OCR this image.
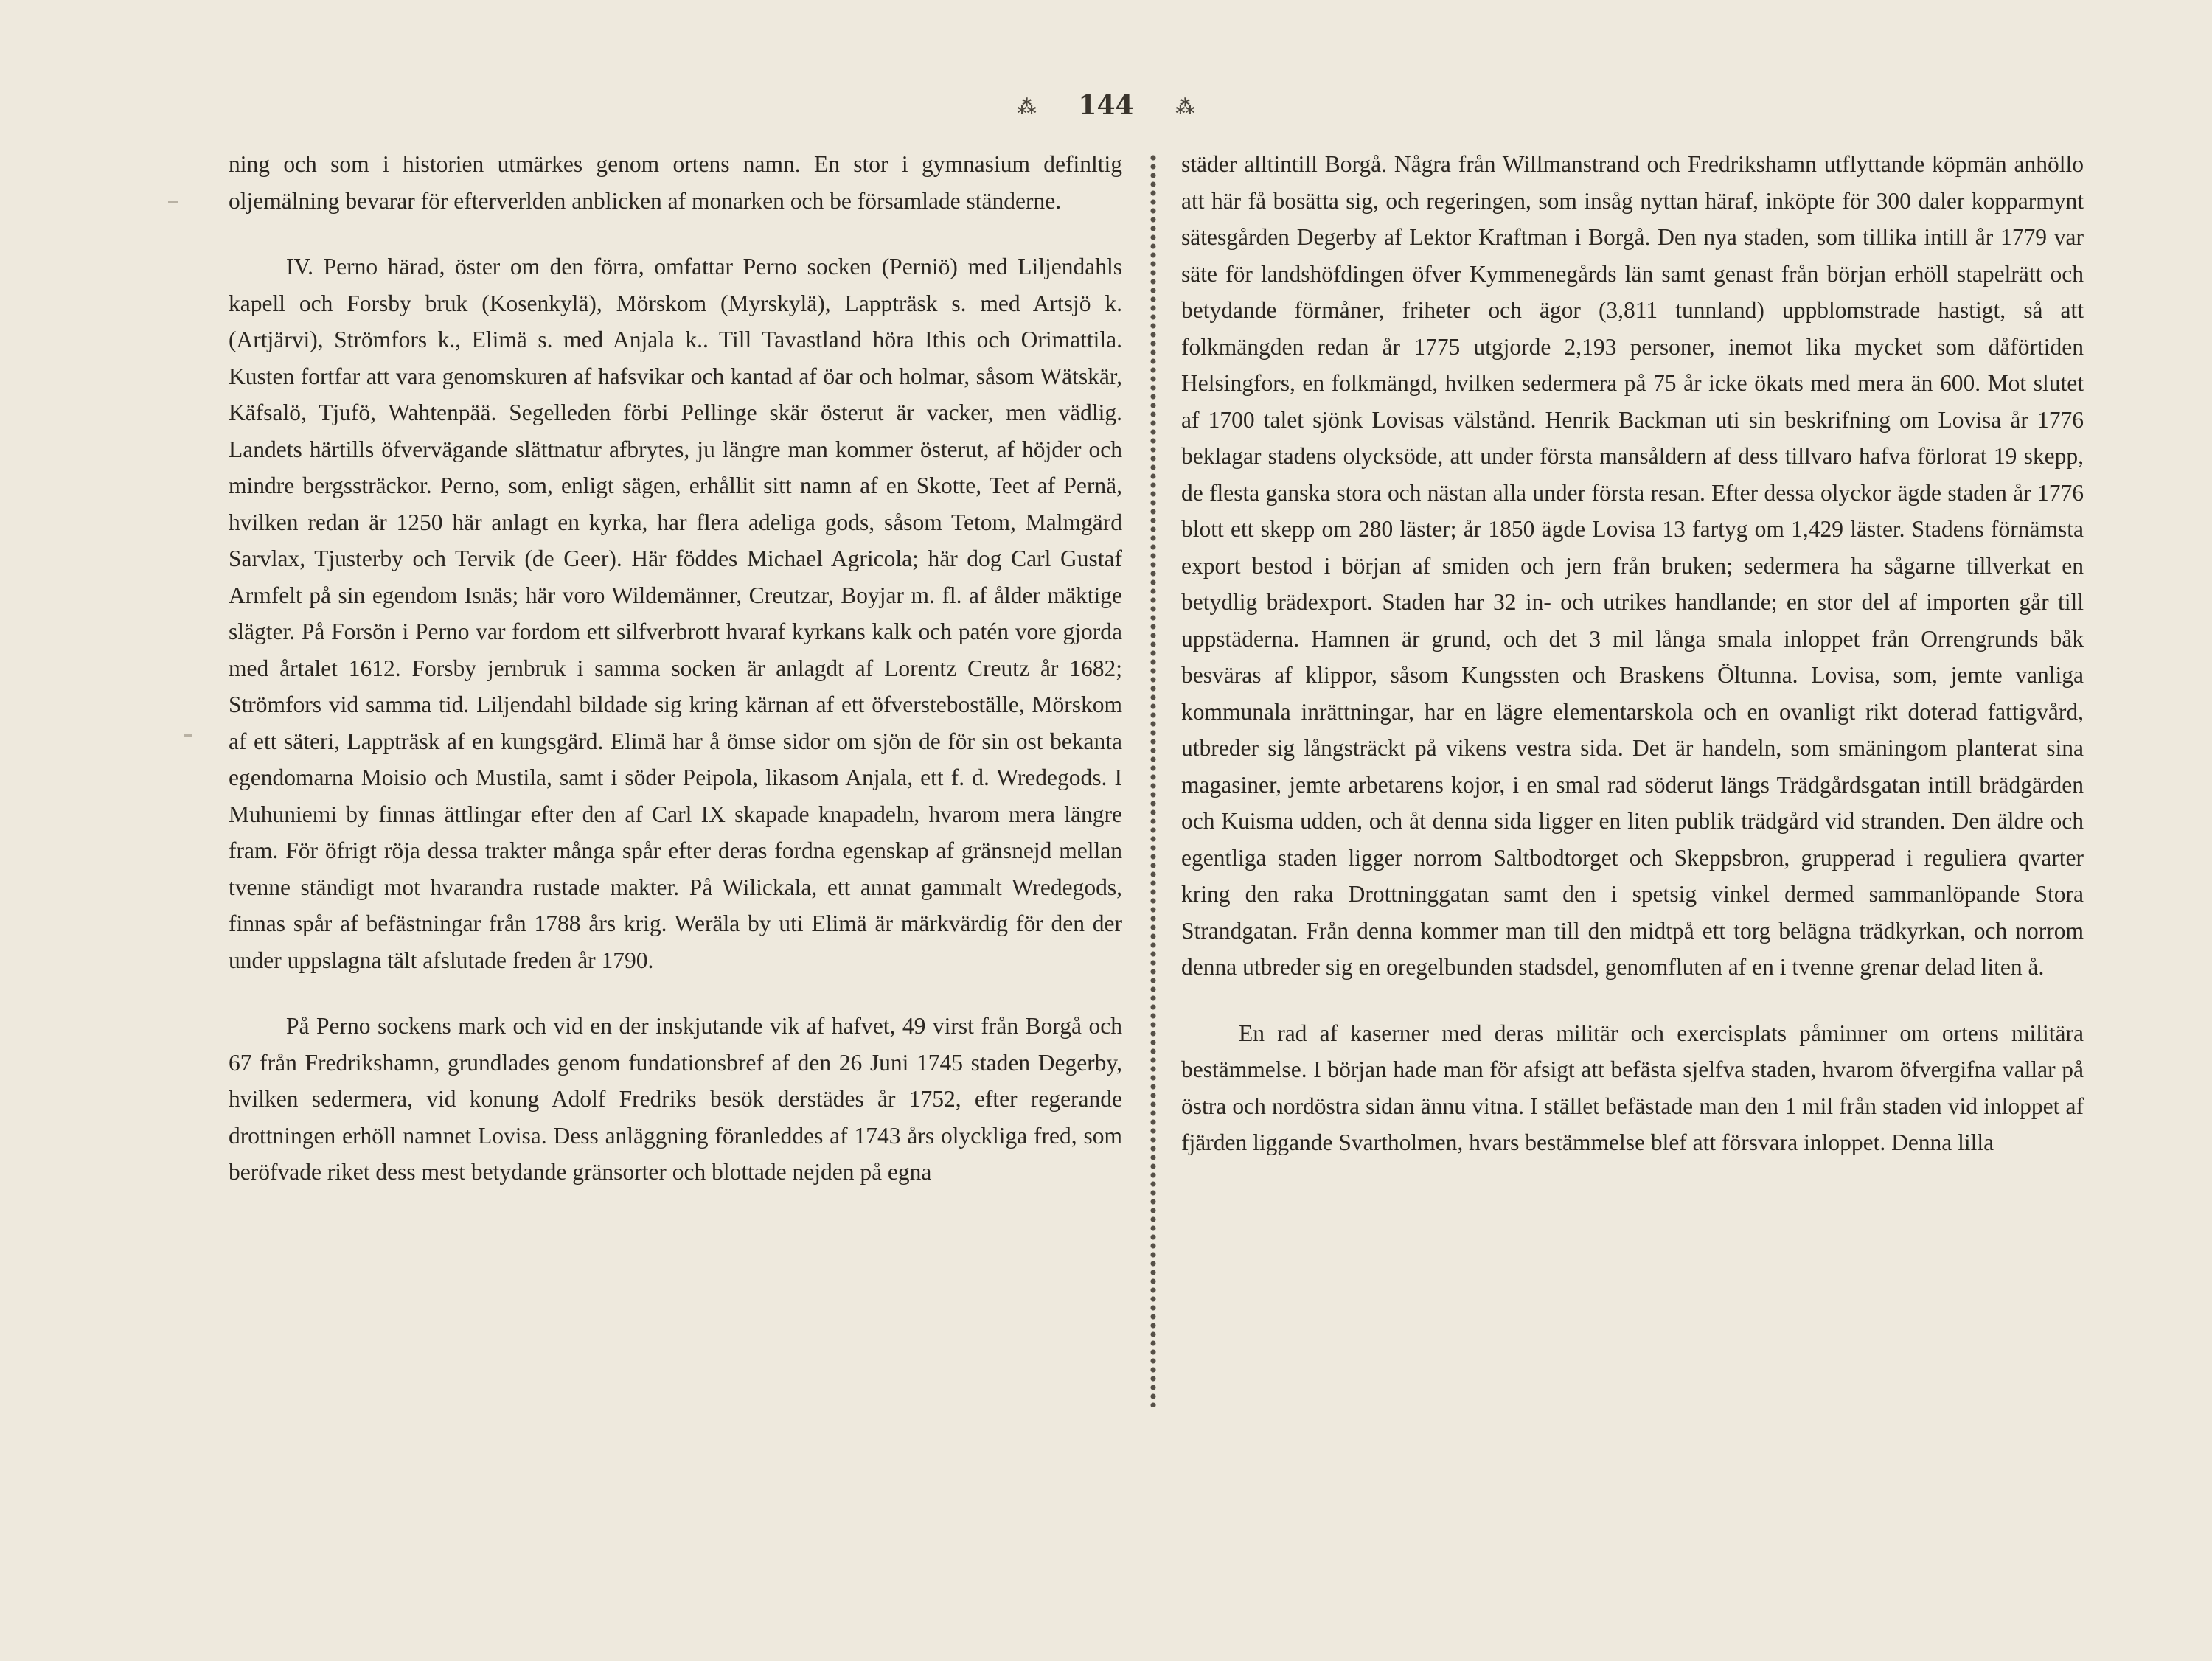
⁂ 144 ⁂

ning och som i historien utmärkes genom ortens namn. En stor i gymnasium definltig oljemälning bevarar för efterverlden anblicken af monarken och be församlade ständerne.

IV. Perno härad, öster om den förra, omfattar Perno socken (Perniö) med Liljendahls kapell och Forsby bruk (Kosenkylä), Mörskom (Myrskylä), Lappträsk s. med Artsjö k. (Artjärvi), Strömfors k., Elimä s. med Anjala k.. Till Tavastland höra Ithis och Orimattila. Kusten fortfar att vara genomskuren af hafsvikar och kantad af öar och holmar, såsom Wätskär, Käfsalö, Tjufö, Wahtenpää. Segelleden förbi Pellinge skär österut är vacker, men vädlig. Landets härtills öfvervägande slättnatur afbrytes, ju längre man kommer österut, af höjder och mindre bergssträckor. Perno, som, enligt sägen, erhållit sitt namn af en Skotte, Teet af Pernä, hvilken redan är 1250 här anlagt en kyrka, har flera adeliga gods, såsom Tetom, Malmgärd Sarvlax, Tjusterby och Tervik (de Geer). Här föddes Michael Agricola; här dog Carl Gustaf Armfelt på sin egendom Isnäs; här voro Wildemänner, Creutzar, Boyjar m. fl. af ålder mäktige slägter. På Forsön i Perno var fordom ett silfverbrott hvaraf kyrkans kalk och patén vore gjorda med årtalet 1612. Forsby jernbruk i samma socken är anlagdt af Lorentz Creutz år 1682; Strömfors vid samma tid. Liljendahl bildade sig kring kärnan af ett öfversteboställe, Mörskom af ett säteri, Lappträsk af en kungsgärd. Elimä har å ömse sidor om sjön de för sin ost bekanta egendomarna Moisio och Mustila, samt i söder Peipola, likasom Anjala, ett f. d. Wredegods. I Muhuniemi by finnas ättlingar efter den af Carl IX skapade knapadeln, hvarom mera längre fram. För öfrigt röja dessa trakter många spår efter deras fordna egenskap af gränsnejd mellan tvenne ständigt mot hvarandra rustade makter. På Wilickala, ett annat gammalt Wredegods, finnas spår af befästningar från 1788 års krig. Weräla by uti Elimä är märkvärdig för den der under uppslagna tält afslutade freden år 1790.

På Perno sockens mark och vid en der inskjutande vik af hafvet, 49 virst från Borgå och 67 från Fredrikshamn, grundlades genom fundationsbref af den 26 Juni 1745 staden Degerby, hvilken sedermera, vid konung Adolf Fredriks besök derstädes år 1752, efter regerande drottningen erhöll namnet Lovisa. Dess anläggning föranleddes af 1743 års olyckliga fred, som beröfvade riket dess mest betydande gränsorter och blottade nejden på egna

städer alltintill Borgå. Några från Willmanstrand och Fredrikshamn utflyttande köpmän anhöllo att här få bosätta sig, och regeringen, som insåg nyttan häraf, inköpte för 300 daler kopparmynt sätesgården Degerby af Lektor Kraftman i Borgå. Den nya staden, som tillika intill år 1779 var säte för landshöfdingen öfver Kymmenegårds län samt genast från början erhöll stapelrätt och betydande förmåner, friheter och ägor (3,811 tunnland) uppblomstrade hastigt, så att folkmängden redan år 1775 utgjorde 2,193 personer, inemot lika mycket som dåförtiden Helsingfors, en folkmängd, hvilken sedermera på 75 år icke ökats med mera än 600. Mot slutet af 1700 talet sjönk Lovisas välstånd. Henrik Backman uti sin beskrifning om Lovisa år 1776 beklagar stadens olycksöde, att under första mansåldern af dess tillvaro hafva förlorat 19 skepp, de flesta ganska stora och nästan alla under första resan. Efter dessa olyckor ägde staden år 1776 blott ett skepp om 280 läster; år 1850 ägde Lovisa 13 fartyg om 1,429 läster. Stadens förnämsta export bestod i början af smiden och jern från bruken; sedermera ha sågarne tillverkat en betydlig brädexport. Staden har 32 in- och utrikes handlande; en stor del af importen går till uppstäderna. Hamnen är grund, och det 3 mil långa smala inloppet från Orrengrunds båk besväras af klippor, såsom Kungssten och Braskens Öltunna. Lovisa, som, jemte vanliga kommunala inrättningar, har en lägre elementarskola och en ovanligt rikt doterad fattigvård, utbreder sig långsträckt på vikens vestra sida. Det är handeln, som smäningom planterat sina magasiner, jemte arbetarens kojor, i en smal rad söderut längs Trädgårdsgatan intill brädgärden och Kuisma udden, och åt denna sida ligger en liten publik trädgård vid stranden. Den äldre och egentliga staden ligger norrom Saltbodtorget och Skeppsbron, grupperad i reguliera qvarter kring den raka Drottninggatan samt den i spetsig vinkel dermed sammanlöpande Stora Strandgatan. Från denna kommer man till den midtpå ett torg belägna trädkyrkan, och norrom denna utbreder sig en oregelbunden stadsdel, genomfluten af en i tvenne grenar delad liten å.

En rad af kaserner med deras militär och exercisplats påminner om ortens militära bestämmelse. I början hade man för afsigt att befästa sjelfva staden, hvarom öfvergifna vallar på östra och nordöstra sidan ännu vitna. I stället befästade man den 1 mil från staden vid inloppet af fjärden liggande Svartholmen, hvars bestämmelse blef att försvara inloppet. Denna lilla
